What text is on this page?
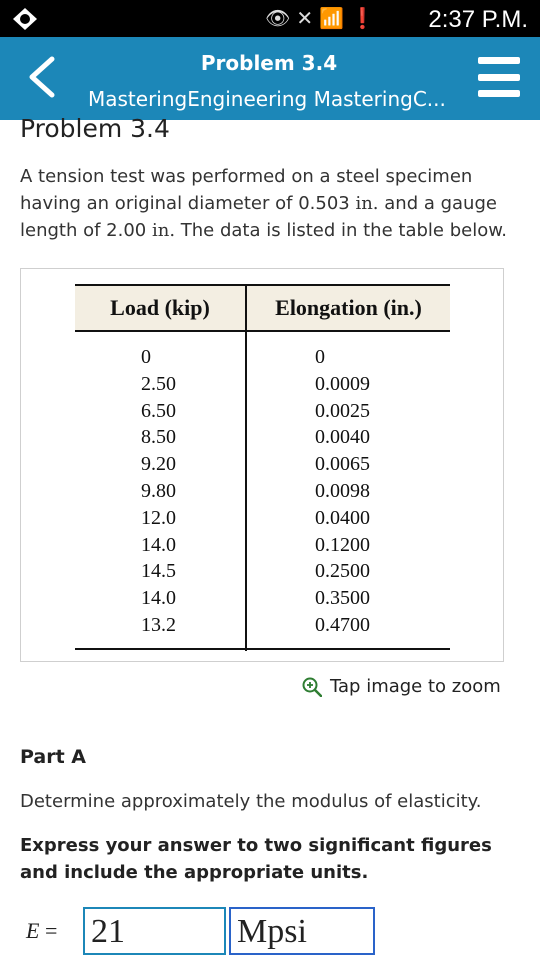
👁 ✕ 📶 ❗ 2:37 P.M.
Problem 3.4
MasteringEngineering MasteringC...
Problem 3.4
A tension test was performed on a steel specimen having an original diameter of 0.503 in. and a gauge length of 2.00 in. The data is listed in the table below.
Load (kip)	Elongation (in.)
0
2.50
6.50
8.50
9.20
9.80
12.0
14.0
14.5
14.0
13.2
0
0.0009
0.0025
0.0040
0.0065
0.0098
0.0400
0.1200
0.2500
0.3500
0.4700
Tap image to zoom
Part A
Determine approximately the modulus of elasticity.
Express your answer to two significant figures and include the appropriate units.
E = 21	Mpsi
